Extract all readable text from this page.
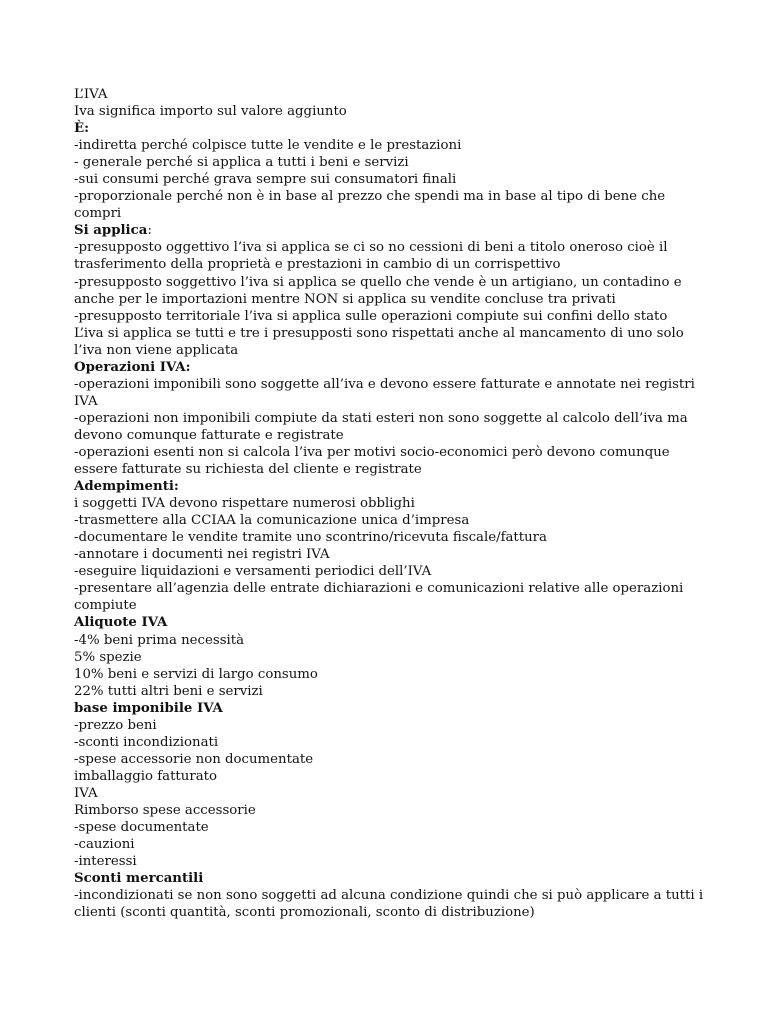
L’IVA
Iva significa importo sul valore aggiunto
È:
-indiretta perché colpisce tutte le vendite e le prestazioni
- generale perché si applica a tutti i beni e servizi
-sui consumi perché grava sempre sui consumatori finali
-proporzionale perché non è in base al prezzo che spendi ma in base al tipo di bene che compri
Si applica:
-presupposto oggettivo l’iva si applica se ci so no cessioni di beni a titolo oneroso cioè il trasferimento della proprietà e prestazioni in cambio di un corrispettivo
-presupposto soggettivo l’iva si applica se quello che vende è un artigiano, un contadino e anche per le importazioni mentre NON si applica su vendite concluse tra privati
-presupposto territoriale l’iva si applica sulle operazioni compiute sui confini dello stato
L’iva si applica se tutti e tre i presupposti sono rispettati anche al mancamento di uno solo l’iva non viene applicata
Operazioni IVA:
-operazioni imponibili sono soggette all’iva e devono essere fatturate e annotate nei registri IVA
-operazioni non imponibili compiute da stati esteri non sono soggette al calcolo dell’iva ma devono comunque fatturate e registrate
-operazioni esenti non si calcola l’iva per motivi socio-economici però devono comunque essere fatturate su richiesta del cliente e registrate
Adempimenti:
i soggetti IVA devono rispettare numerosi obblighi
-trasmettere alla CCIAA la comunicazione unica d’impresa
-documentare le vendite tramite uno scontrino/ricevuta fiscale/fattura
-annotare i documenti nei registri IVA
-eseguire liquidazioni e versamenti periodici dell’IVA
-presentare all’agenzia delle entrate dichiarazioni e comunicazioni relative alle operazioni compiute
Aliquote IVA
-4% beni prima necessità
5% spezie
10% beni e servizi di largo consumo
22% tutti altri beni e servizi
base imponibile IVA
-prezzo beni
-sconti incondizionati
-spese accessorie non documentate
imballaggio fatturato
IVA
Rimborso spese accessorie
-spese documentate
-cauzioni
-interessi
Sconti mercantili
-incondizionati se non sono soggetti ad alcuna condizione quindi che si può applicare a tutti i clienti (sconti quantità, sconti promozionali, sconto di distribuzione)
